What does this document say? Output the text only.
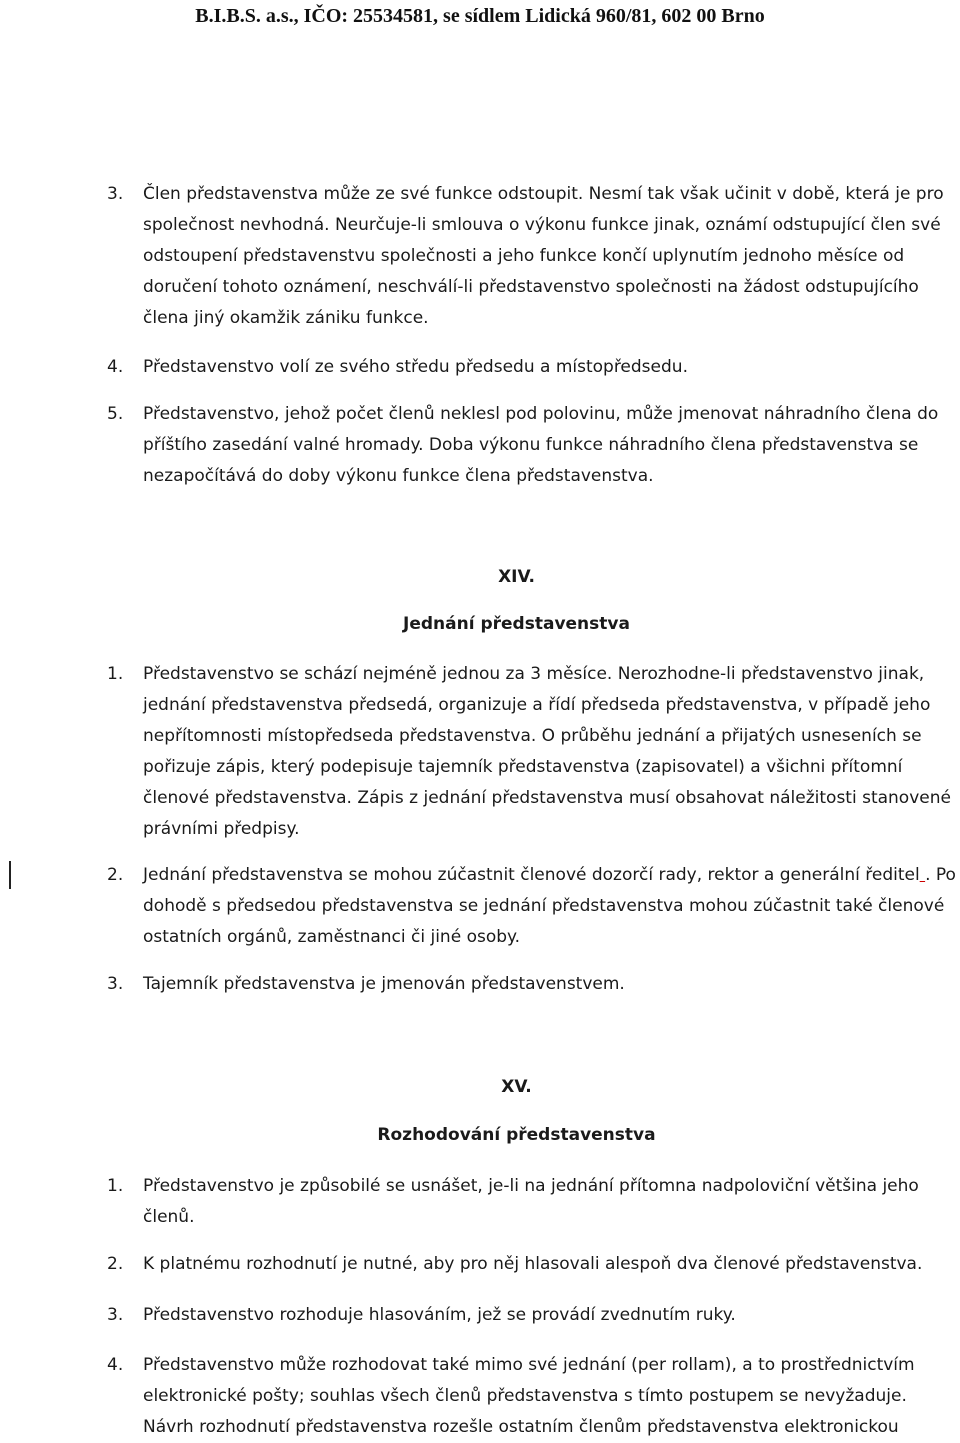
B.I.B.S. a.s., IČO: 25534581, se sídlem Lidická 960/81, 602 00 Brno
3. Člen představenstva může ze své funkce odstoupit. Nesmí tak však učinit v době, která je pro společnost nevhodná. Neurčuje-li smlouva o výkonu funkce jinak, oznámí odstupující člen své odstoupení představenstvu společnosti a jeho funkce končí uplynutím jednoho měsíce od doručení tohoto oznámení, neschválí-li představenstvo společnosti na žádost odstupujícího člena jiný okamžik zániku funkce.
4. Představenstvo volí ze svého středu předsedu a místopředsedu.
5. Představenstvo, jehož počet členů neklesl pod polovinu, může jmenovat náhradního člena do příštího zasedání valné hromady. Doba výkonu funkce náhradního člena představenstva se nezapočítává do doby výkonu funkce člena představenstva.
XIV.
Jednání představenstva
1. Představenstvo se schází nejméně jednou za 3 měsíce. Nerozhodne-li představenstvo jinak, jednání představenstva předsedá, organizuje a řídí předseda představenstva, v případě jeho nepřítomnosti místopředseda představenstva. O průběhu jednání a přijatých usneseních se pořizuje zápis, který podepisuje tajemník představenstva (zapisovatel) a všichni přítomní členové představenstva. Zápis z jednání představenstva musí obsahovat náležitosti stanovené právními předpisy.
2. Jednání představenstva se mohou zúčastnit členové dozorčí rady, rektor a generální ředitel . Po dohodě s předsedou představenstva se jednání představenstva mohou zúčastnit také členové ostatních orgánů, zaměstnanci či jiné osoby.
3. Tajemník představenstva je jmenován představenstvem.
XV.
Rozhodování představenstva
1. Představenstvo je způsobilé se usnášet, je-li na jednání přítomna nadpoloviční většina jeho členů.
2. K platnému rozhodnutí je nutné, aby pro něj hlasovali alespoň dva členové představenstva.
3. Představenstvo rozhoduje hlasováním, jež se provádí zvednutím ruky.
4. Představenstvo může rozhodovat také mimo své jednání (per rollam), a to prostřednictvím elektronické pošty; souhlas všech členů představenstva s tímto postupem se nevyžaduje. Návrh rozhodnutí představenstva rozešle ostatním členům představenstva elektronickou
